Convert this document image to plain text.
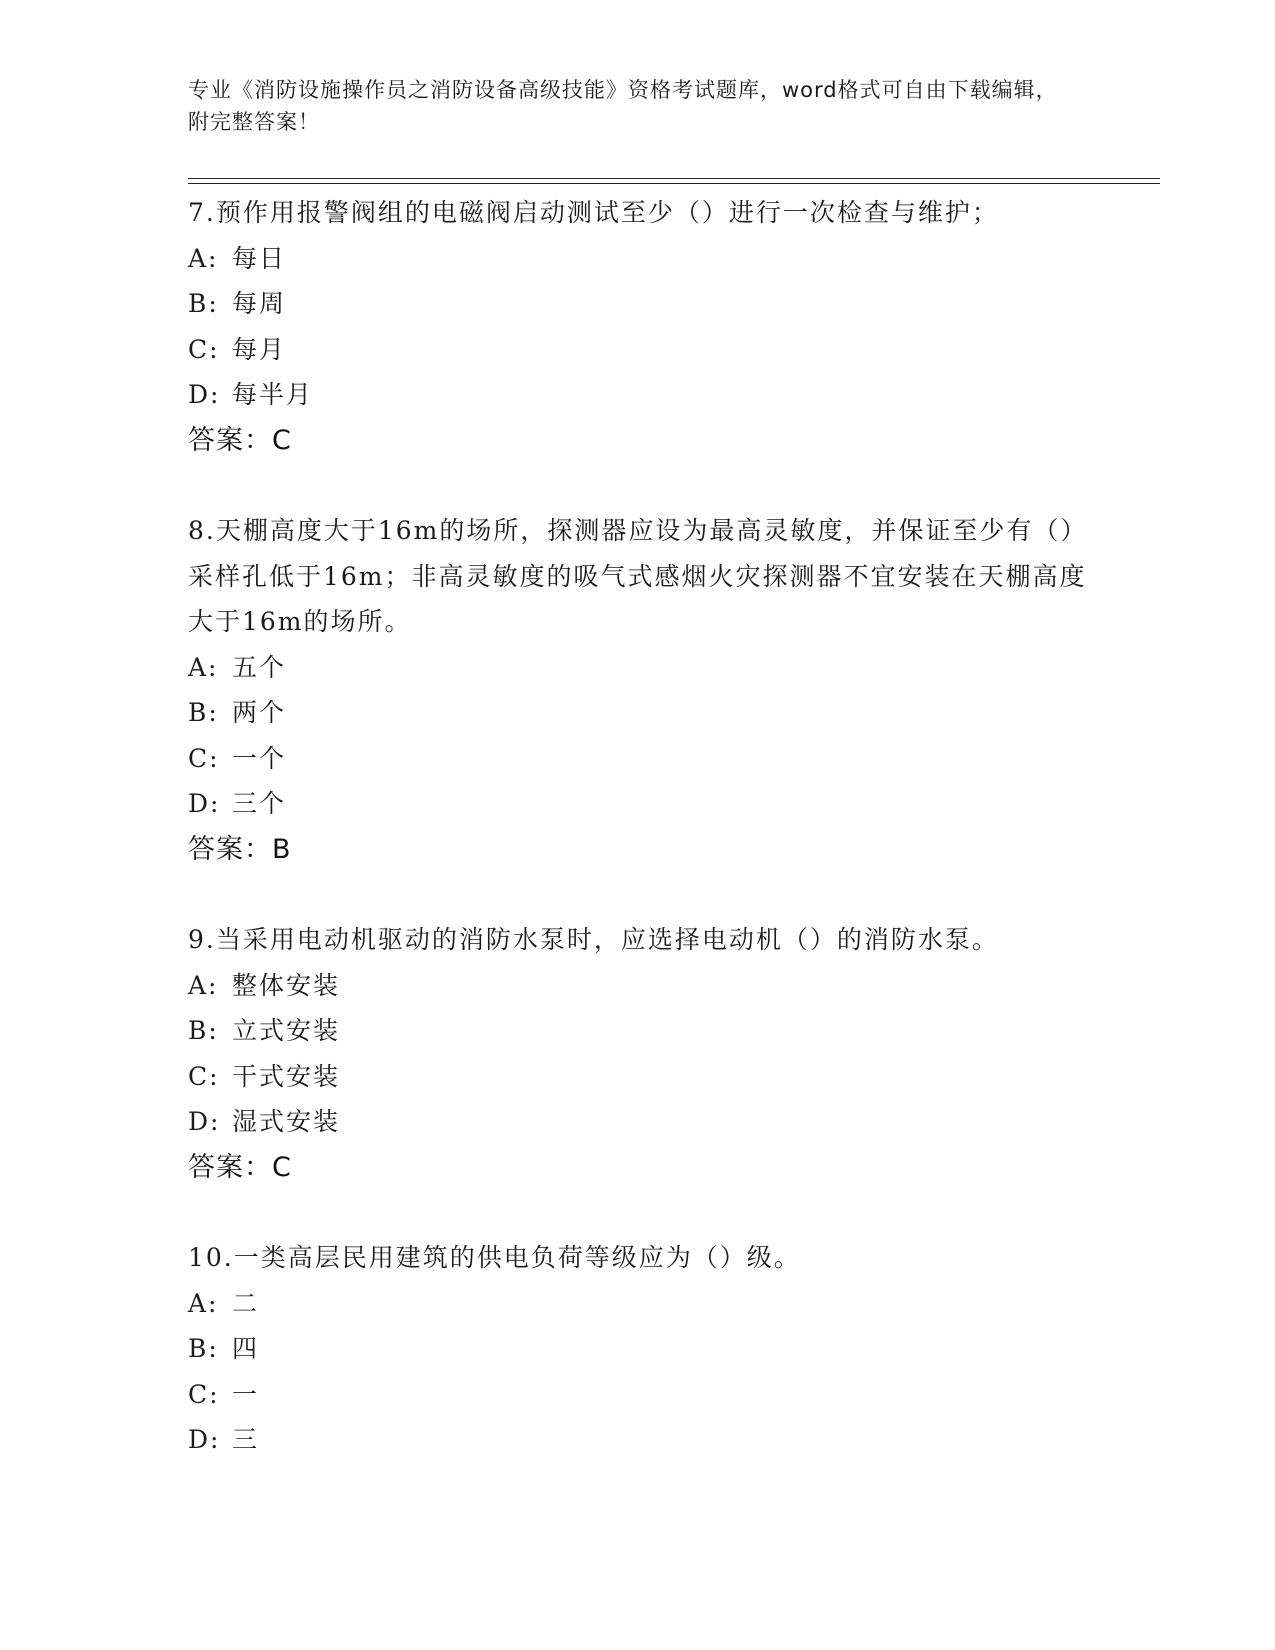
专业《消防设施操作员之消防设备高级技能》资格考试题库，word格式可自由下载编辑，附完整答案！

7.预作用报警阀组的电磁阀启动测试至少（）进行一次检查与维护；

A: 每日
B: 每周
C: 每月
D: 每半月
答案：C

8.天棚高度大于16m的场所，探测器应设为最高灵敏度，并保证至少有（）采样孔低于16m；非高灵敏度的吸气式感烟火灾探测器不宜安装在天棚高度大于16m的场所。

A: 五个
B: 两个
C: 一个
D: 三个
答案：B

9.当采用电动机驱动的消防水泵时，应选择电动机（）的消防水泵。

A: 整体安装
B: 立式安装
C: 干式安装
D: 湿式安装
答案：C

10.一类高层民用建筑的供电负荷等级应为（）级。

A: 二
B: 四
C: 一
D: 三
